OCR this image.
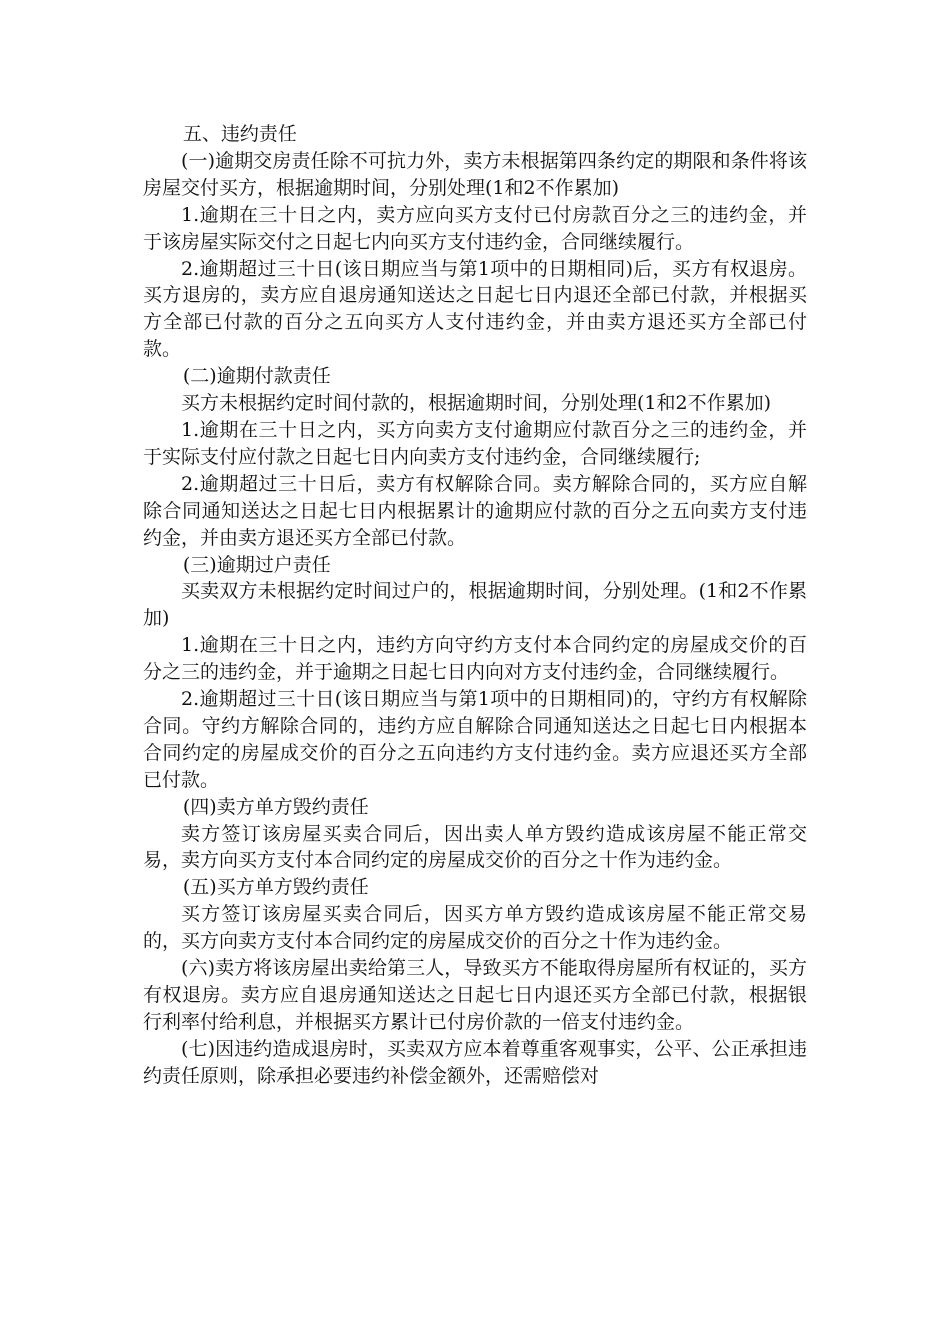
五、违约责任

(一)逾期交房责任除不可抗力外，卖方未根据第四条约定的期限和条件将该房屋交付买方，根据逾期时间，分别处理(1和2不作累加)

1.逾期在三十日之内，卖方应向买方支付已付房款百分之三的违约金，并于该房屋实际交付之日起七内向买方支付违约金，合同继续履行。

2.逾期超过三十日(该日期应当与第1项中的日期相同)后，买方有权退房。买方退房的，卖方应自退房通知送达之日起七日内退还全部已付款，并根据买方全部已付款的百分之五向买方人支付违约金，并由卖方退还买方全部已付款。

(二)逾期付款责任

买方未根据约定时间付款的，根据逾期时间，分别处理(1和2不作累加)

1.逾期在三十日之内，买方向卖方支付逾期应付款百分之三的违约金，并于实际支付应付款之日起七日内向卖方支付违约金，合同继续履行;

2.逾期超过三十日后，卖方有权解除合同。卖方解除合同的，买方应自解除合同通知送达之日起七日内根据累计的逾期应付款的百分之五向卖方支付违约金，并由卖方退还买方全部已付款。

(三)逾期过户责任

买卖双方未根据约定时间过户的，根据逾期时间，分别处理。(1和2不作累加)

1.逾期在三十日之内，违约方向守约方支付本合同约定的房屋成交价的百分之三的违约金，并于逾期之日起七日内向对方支付违约金，合同继续履行。

2.逾期超过三十日(该日期应当与第1项中的日期相同)的，守约方有权解除合同。守约方解除合同的，违约方应自解除合同通知送达之日起七日内根据本合同约定的房屋成交价的百分之五向违约方支付违约金。卖方应退还买方全部已付款。

(四)卖方单方毁约责任

卖方签订该房屋买卖合同后，因出卖人单方毁约造成该房屋不能正常交易，卖方向买方支付本合同约定的房屋成交价的百分之十作为违约金。

(五)买方单方毁约责任

买方签订该房屋买卖合同后，因买方单方毁约造成该房屋不能正常交易的，买方向卖方支付本合同约定的房屋成交价的百分之十作为违约金。

(六)卖方将该房屋出卖给第三人，导致买方不能取得房屋所有权证的，买方有权退房。卖方应自退房通知送达之日起七日内退还买方全部已付款，根据银行利率付给利息，并根据买方累计已付房价款的一倍支付违约金。

(七)因违约造成退房时，买卖双方应本着尊重客观事实，公平、公正承担违约责任原则，除承担必要违约补偿金额外，还需赔偿对
